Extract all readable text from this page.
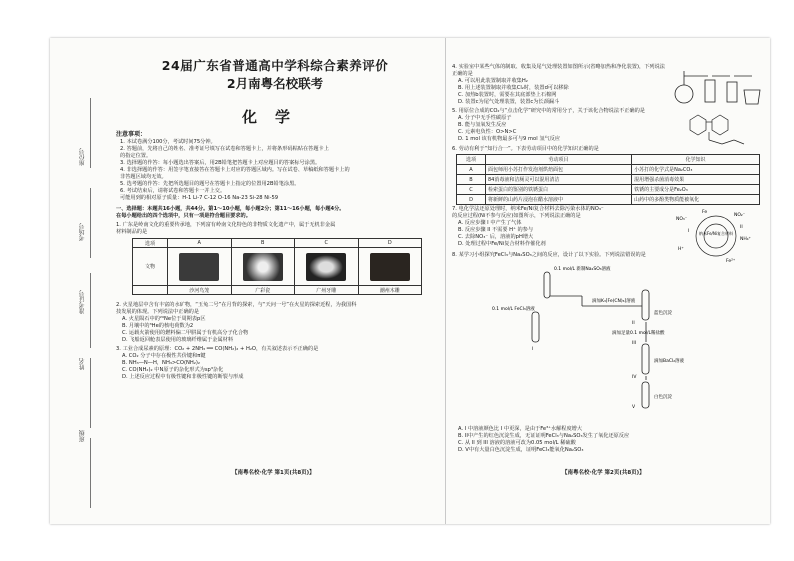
座位号
考场号
准考证号
姓名
班级
24届广东省普通高中学科综合素养评价
2月南粤名校联考
化学
注意事项：
1. 本试卷满分100分，考试时间75分钟。
2. 答题前，先将自己的姓名、准考证号填写在试卷和答题卡上，并将条形码粘贴在答题卡上
的指定位置。
3. 选择题的作答：每小题选出答案后，用2B铅笔把答题卡上对应题目的答案标号涂黑。
4. 非选择题的作答：用签字笔直接答在答题卡上对应的答题区域内。写在试卷、草稿纸和答题卡上的
非答题区域均无效。
5. 选考题的作答：先把所选题目的题号在答题卡上指定的位置用2B铅笔涂黑。
6. 考试结束后，请将试卷和答题卡一并上交。
可能用到的相对原子质量：H-1 Li-7 C-12 O-16 Na-23 Si-28 Ni-59
一、选择题：本题共16小题，共44分。第1～10小题，每小题2分；第11～16小题，每小题4分。
在每小题给出的四个选项中，只有一项是符合题目要求的。
1. 广东是岭南文化的重要传承地，下列富有岭南文化特色的非物质文化遗产中，属于无机非金属
材料制品的是
选项	A	B	C	D
文物	

	沙河鸟笼	广彩瓷	广州牙雕	潮州木雕
2. 火星地层中含有丰富的水矿物，“玉兔二号”在月背的探索，与“天问一号”在火星的探索近程，为我国科
技发展的体现。下列说法中正确的是
A. 火星陨石中的²⁰Ne位于周期表p区
B. 月壤中的³He的核电荷数为2
C. 运载火箭使用的燃料偏二甲肼属于有机高分子化合物
D. 飞船返回舱表层使用的玻璃纤维属于金属材料
3. 工业合成尿素的原理：CO₂ + 2NH₃ ══ CO(NH₂)₂ + H₂O，有关叙述表示不正确的是
A. CO₂ 分子中存在极性共价键和π键
B. NH₃—N—H，NH₃>CO(NH₂)₂
C. CO(NH₂)₂ 中N原子的杂化形式为sp³杂化
D. 上述反应过程中有极性键和非极性键的断裂与形成
【南粤名校·化学 第1页(共8页)】
4. 实验室中某些气体的制取、收集及尾气处理装置如图所示(省略加热和净化装置)，下列说法
正确的是
A. 可以用此装置制取并收集H₂
B. 用上述装置制取并收集Cl₂时，装置d可以移除
C. 加热b装置时，需要在其底部垫上石棉网
D. 装置c为尾气处理装置，装置c为长颈漏斗
5. 用原位合成的CO₂与“点击化学”研究中的常用分子，关于该化合物说法不正确的是
A. 分子中无手性碳原子
B. 能与氢氧发生反应
C. 元素电负性：O>N>C
D. 1 mol 该有机物最多可与9 mol 氢气反应
6. 劳动有利于“知行合一”。下表劳动项目中的化学知识正确的是
选项	劳动项目	化学知识
A	面包师用小苏打作发泡剂烘焙面包	小苏打的化学式是Na₂CO₃
B	84消毒液和洁厕灵可以混用清洁	混用增强杀菌消毒效果
C	检索蛋白的鉴别的铁锈蛋白	铁锈的主要成分是Fe₂O₃
D	将新鲜的山药片浸泡在醋水溶液中	山药中的多酚类物质能被氧化
7. 电化学法还原处理时，纳米Fe/Ni复合材料去除污染水体的NO₃⁻
的反应过程(Ni不参与反应)如图所示，下列说法正确的是
A. 反应步骤 I 中产生了气体
B. 反应步骤 II 不需要 H⁺ 的参与
C. 去除NO₃⁻ 后，溶液的pH增大
D. 处理过程中Fe/Ni复合材料作催化剂
纳米Fe/Ni复合材料
NO₃⁻
Fe
NO₂⁻
NH₄⁺
Fe²⁺
I
II
H⁺
8. 某学习小组探究FeCl₃与Na₂SO₃之间的反应，设计了以下实验。下列说法错误的是
0.1 mol/L 新制Na₂SO₃溶液
0.1 mol/L FeCl₃溶液
滴加K₃[Fe(CN)₆]溶液
蓝色沉淀
滴加足量0.1 mol/L稀盐酸
滴加BaCl₂溶液
白色沉淀
I
II
III
IV
V
A. I 中溶液颜色比 I 中更深，是由于Fe³⁺水解程度增大
B. II中产生的红色沉淀生成，无证证明FeCl₃与Na₂SO₃发生了氧化还原反应
C. 从 II 到 III 溶液的溶液可改为0.05 mol/L 稀硫酸
D. V中有大量白色沉淀生成，证明FeCl₃能氧化Na₂SO₃
【南粤名校·化学 第2页(共8页)】
